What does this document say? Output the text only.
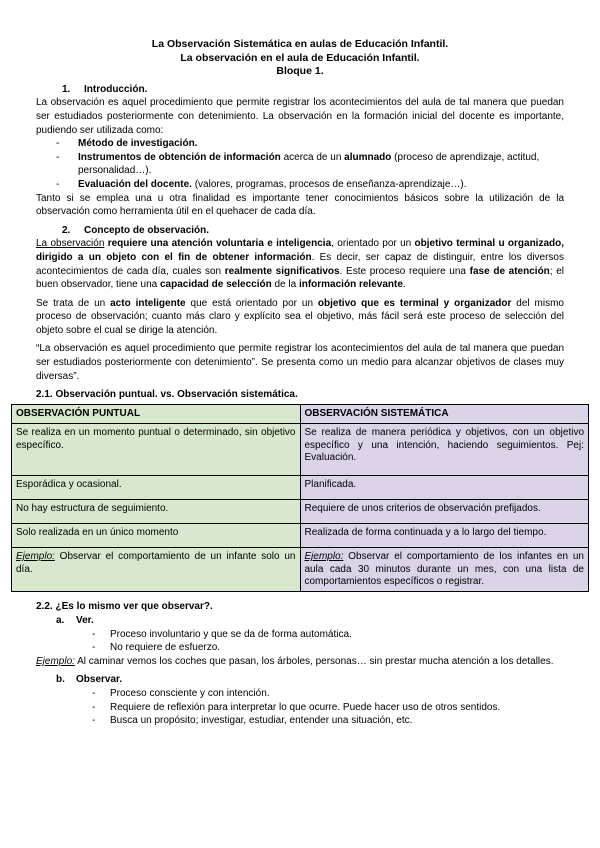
La Observación Sistemática en aulas de Educación Infantil.
La observación en el aula de Educación Infantil.
Bloque 1.
1. Introducción.

La observación es aquel procedimiento que permite registrar los acontecimientos del aula de tal manera que puedan ser estudiados posteriormente con detenimiento. La observación en la formación inicial del docente es importante, pudiendo ser utilizada como:

- Método de investigación.
- Instrumentos de obtención de información acerca de un alumnado (proceso de aprendizaje, actitud, personalidad…).
- Evaluación del docente. (valores, programas, procesos de enseñanza-aprendizaje…).

Tanto si se emplea una u otra finalidad es importante tener conocimientos básicos sobre la utilización de la observación como herramienta útil en el quehacer de cada día.

2. Concepto de observación.

La observación requiere una atención voluntaria e inteligencia, orientado por un objetivo terminal u organizado, dirigido a un objeto con el fin de obtener información. Es decir, ser capaz de distinguir, entre los diversos acontecimientos de cada día, cuales son realmente significativos. Este proceso requiere una fase de atención; el buen observador, tiene una capacidad de selección de la información relevante.

Se trata de un acto inteligente que está orientado por un objetivo que es terminal y organizador del mismo proceso de observación; cuanto más claro y explícito sea el objetivo, más fácil será este proceso de selección del objeto sobre el cual se dirige la atención.

“La observación es aquel procedimiento que permite registrar los acontecimientos del aula de tal manera que puedan ser estudiados posteriormente con detenimiento”. Se presenta como un medio para alcanzar objetivos de clases muy diversas”.

2.1. Observación puntual. vs. Observación sistemática.
OBSERVACIÓN PUNTUAL	OBSERVACIÓN SISTEMÁTICA
Se realiza en un momento puntual o determinado, sin objetivo específico.	Se realiza de manera periódica y objetivos, con un objetivo específico y una intención, haciendo seguimientos. Pej: Evaluación.
Esporádica y ocasional.	Planificada.
No hay estructura de seguimiento.	Requiere de unos criterios de observación prefijados.
Solo realizada en un único momento	Realizada de forma continuada y a lo largo del tiempo.
Ejemplo: Observar el comportamiento de un infante solo un día.	Ejemplo: Observar el comportamiento de los infantes en un aula cada 30 minutos durante un mes, con una lista de comportamientos específicos o registrar.
2.2. ¿Es lo mismo ver que observar?.
a. Ver.
- Proceso involuntario y que se da de forma automática.
- No requiere de esfuerzo.

Ejemplo: Al caminar vemos los coches que pasan, los árboles, personas… sin prestar mucha atención a los detalles.

b. Observar.
- Proceso consciente y con intención.
- Requiere de reflexión para interpretar lo que ocurre. Puede hacer uso de otros sentidos.
- Busca un propósito; investigar, estudiar, entender una situación, etc.
